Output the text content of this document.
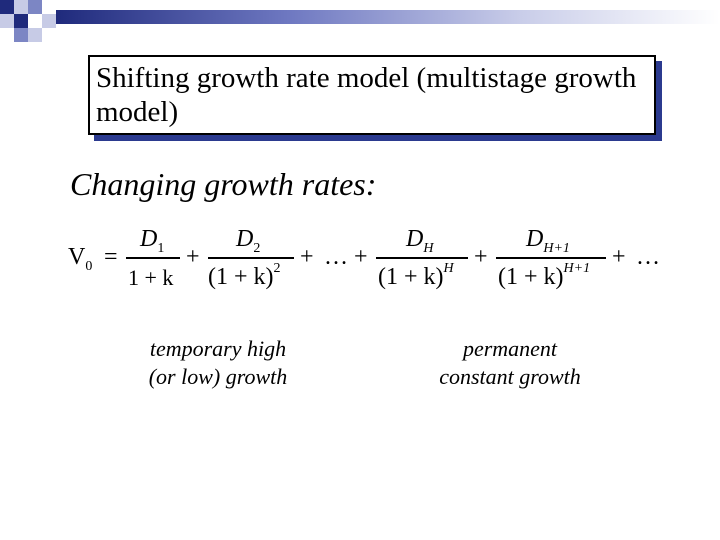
Shifting growth rate model (multistage growth model)
Changing growth rates:
$V_0$ =
$D_1$
1 + k
+
$D_2$
$(1 + k)^2$ + … +
$D_H$
$(1 + k)^H$ +
$D_{H+1}$
$(1 + k)^{H+1}$ + …
temporary high
(or low) growth
permanent
constant growth
